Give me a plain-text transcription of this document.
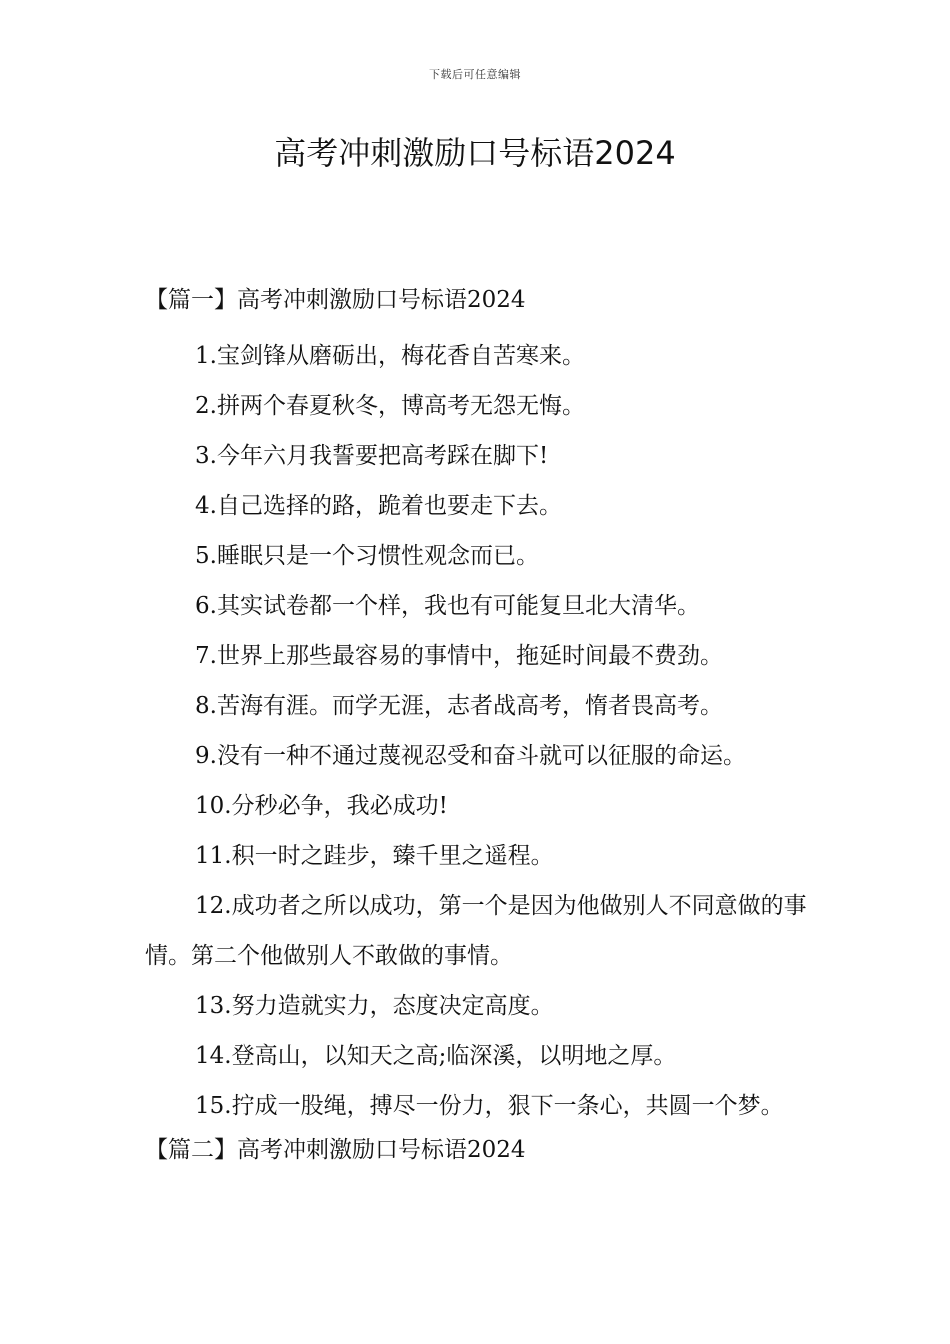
下载后可任意编辑
高考冲刺激励口号标语2024

【篇一】高考冲刺激励口号标语2024

1.宝剑锋从磨砺出，梅花香自苦寒来。

2.拼两个春夏秋冬，博高考无怨无悔。

3.今年六月我誓要把高考踩在脚下!

4.自己选择的路，跪着也要走下去。

5.睡眠只是一个习惯性观念而已。

6.其实试卷都一个样，我也有可能复旦北大清华。

7.世界上那些最容易的事情中，拖延时间最不费劲。

8.苦海有涯。而学无涯，志者战高考，惰者畏高考。

9.没有一种不通过蔑视忍受和奋斗就可以征服的命运。

10.分秒必争，我必成功!

11.积一时之跬步，臻千里之遥程。

12.成功者之所以成功，第一个是因为他做别人不同意做的事情。第二个他做别人不敢做的事情。

13.努力造就实力，态度决定高度。

14.登高山，以知天之高;临深溪，以明地之厚。

15.拧成一股绳，搏尽一份力，狠下一条心，共圆一个梦。

【篇二】高考冲刺激励口号标语2024
